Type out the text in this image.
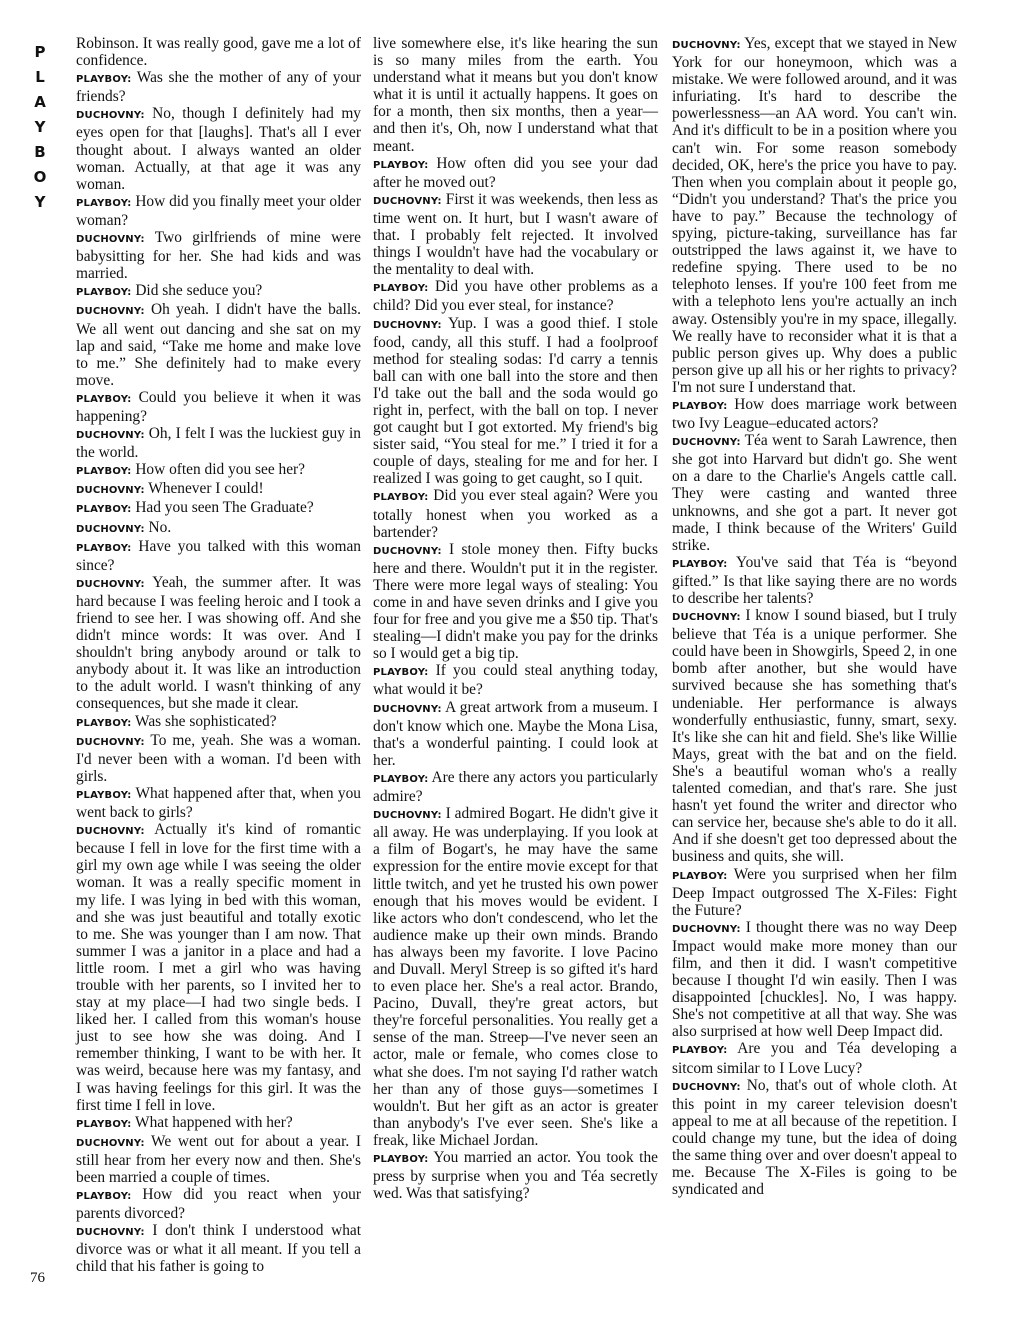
P
L
A
Y
B
O
Y

Robinson. It was really good, gave me a lot of confidence.

PLAYBOY: Was she the mother of any of your friends?

DUCHOVNY: No, though I definitely had my eyes open for that [laughs]. That's all I ever thought about. I always wanted an older woman. Actually, at that age it was any woman.

PLAYBOY: How did you finally meet your older woman?

DUCHOVNY: Two girlfriends of mine were babysitting for her. She had kids and was married.

PLAYBOY: Did she seduce you?

DUCHOVNY: Oh yeah. I didn't have the balls. We all went out dancing and she sat on my lap and said, “Take me home and make love to me.” She definitely had to make every move.

PLAYBOY: Could you believe it when it was happening?

DUCHOVNY: Oh, I felt I was the luckiest guy in the world.

PLAYBOY: How often did you see her?

DUCHOVNY: Whenever I could!

PLAYBOY: Had you seen The Graduate?

DUCHOVNY: No.

PLAYBOY: Have you talked with this woman since?

DUCHOVNY: Yeah, the summer after. It was hard because I was feeling heroic and I took a friend to see her. I was showing off. And she didn't mince words: It was over. And I shouldn't bring anybody around or talk to anybody about it. It was like an introduction to the adult world. I wasn't thinking of any consequences, but she made it clear.

PLAYBOY: Was she sophisticated?

DUCHOVNY: To me, yeah. She was a woman. I'd never been with a woman. I'd been with girls.

PLAYBOY: What happened after that, when you went back to girls?

DUCHOVNY: Actually it's kind of romantic because I fell in love for the first time with a girl my own age while I was seeing the older woman. It was a really specific moment in my life. I was lying in bed with this woman, and she was just beautiful and totally exotic to me. She was younger than I am now. That summer I was a janitor in a place and had a little room. I met a girl who was having trouble with her parents, so I invited her to stay at my place—I had two single beds. I liked her. I called from this woman's house just to see how she was doing. And I remember thinking, I want to be with her. It was weird, because here was my fantasy, and I was having feelings for this girl. It was the first time I fell in love.

PLAYBOY: What happened with her?

DUCHOVNY: We went out for about a year. I still hear from her every now and then. She's been married a couple of times.

PLAYBOY: How did you react when your parents divorced?

DUCHOVNY: I don't think I understood what divorce was or what it all meant. If you tell a child that his father is going to

live somewhere else, it's like hearing the sun is so many miles from the earth. You understand what it means but you don't know what it is until it actually happens. It goes on for a month, then six months, then a year—and then it's, Oh, now I understand what that meant.

PLAYBOY: How often did you see your dad after he moved out?

DUCHOVNY: First it was weekends, then less as time went on. It hurt, but I wasn't aware of that. I probably felt rejected. It involved things I wouldn't have had the vocabulary or the mentality to deal with.

PLAYBOY: Did you have other problems as a child? Did you ever steal, for instance?

DUCHOVNY: Yup. I was a good thief. I stole food, candy, all this stuff. I had a foolproof method for stealing sodas: I'd carry a tennis ball can with one ball into the store and then I'd take out the ball and the soda would go right in, perfect, with the ball on top. I never got caught but I got extorted. My friend's big sister said, “You steal for me.” I tried it for a couple of days, stealing for me and for her. I realized I was going to get caught, so I quit.

PLAYBOY: Did you ever steal again? Were you totally honest when you worked as a bartender?

DUCHOVNY: I stole money then. Fifty bucks here and there. Wouldn't put it in the register. There were more legal ways of stealing: You come in and have seven drinks and I give you four for free and you give me a $50 tip. That's stealing—I didn't make you pay for the drinks so I would get a big tip.

PLAYBOY: If you could steal anything today, what would it be?

DUCHOVNY: A great artwork from a museum. I don't know which one. Maybe the Mona Lisa, that's a wonderful painting. I could look at her.

PLAYBOY: Are there any actors you particularly admire?

DUCHOVNY: I admired Bogart. He didn't give it all away. He was underplaying. If you look at a film of Bogart's, he may have the same expression for the entire movie except for that little twitch, and yet he trusted his own power enough that his moves would be evident. I like actors who don't condescend, who let the audience make up their own minds. Brando has always been my favorite. I love Pacino and Duvall. Meryl Streep is so gifted it's hard to even place her. She's a real actor. Brando, Pacino, Duvall, they're great actors, but they're forceful personalities. You really get a sense of the man. Streep—I've never seen an actor, male or female, who comes close to what she does. I'm not saying I'd rather watch her than any of those guys—sometimes I wouldn't. But her gift as an actor is greater than anybody's I've ever seen. She's like a freak, like Michael Jordan.

PLAYBOY: You married an actor. You took the press by surprise when you and Téa secretly wed. Was that satisfying?

DUCHOVNY: Yes, except that we stayed in New York for our honeymoon, which was a mistake. We were followed around, and it was infuriating. It's hard to describe the powerlessness—an AA word. You can't win. And it's difficult to be in a position where you can't win. For some reason somebody decided, OK, here's the price you have to pay. Then when you complain about it people go, “Didn't you understand? That's the price you have to pay.” Because the technology of spying, picture-taking, surveillance has far outstripped the laws against it, we have to redefine spying. There used to be no telephoto lenses. If you're 100 feet from me with a telephoto lens you're actually an inch away. Ostensibly you're in my space, illegally. We really have to reconsider what it is that a public person gives up. Why does a public person give up all his or her rights to privacy? I'm not sure I understand that.

PLAYBOY: How does marriage work between two Ivy League–educated actors?

DUCHOVNY: Téa went to Sarah Lawrence, then she got into Harvard but didn't go. She went on a dare to the Charlie's Angels cattle call. They were casting and wanted three unknowns, and she got a part. It never got made, I think because of the Writers' Guild strike.

PLAYBOY: You've said that Téa is “beyond gifted.” Is that like saying there are no words to describe her talents?

DUCHOVNY: I know I sound biased, but I truly believe that Téa is a unique performer. She could have been in Showgirls, Speed 2, in one bomb after another, but she would have survived because she has something that's undeniable. Her performance is always wonderfully enthusiastic, funny, smart, sexy. It's like she can hit and field. She's like Willie Mays, great with the bat and on the field. She's a beautiful woman who's a really talented comedian, and that's rare. She just hasn't yet found the writer and director who can service her, because she's able to do it all. And if she doesn't get too depressed about the business and quits, she will.

PLAYBOY: Were you surprised when her film Deep Impact outgrossed The X-Files: Fight the Future?

DUCHOVNY: I thought there was no way Deep Impact would make more money than our film, and then it did. I wasn't competitive because I thought I'd win easily. Then I was disappointed [chuckles]. No, I was happy. She's not competitive at all that way. She was also surprised at how well Deep Impact did.

PLAYBOY: Are you and Téa developing a sitcom similar to I Love Lucy?

DUCHOVNY: No, that's out of whole cloth. At this point in my career television doesn't appeal to me at all because of the repetition. I could change my tune, but the idea of doing the same thing over and over doesn't appeal to me. Because The X-Files is going to be syndicated and

76
